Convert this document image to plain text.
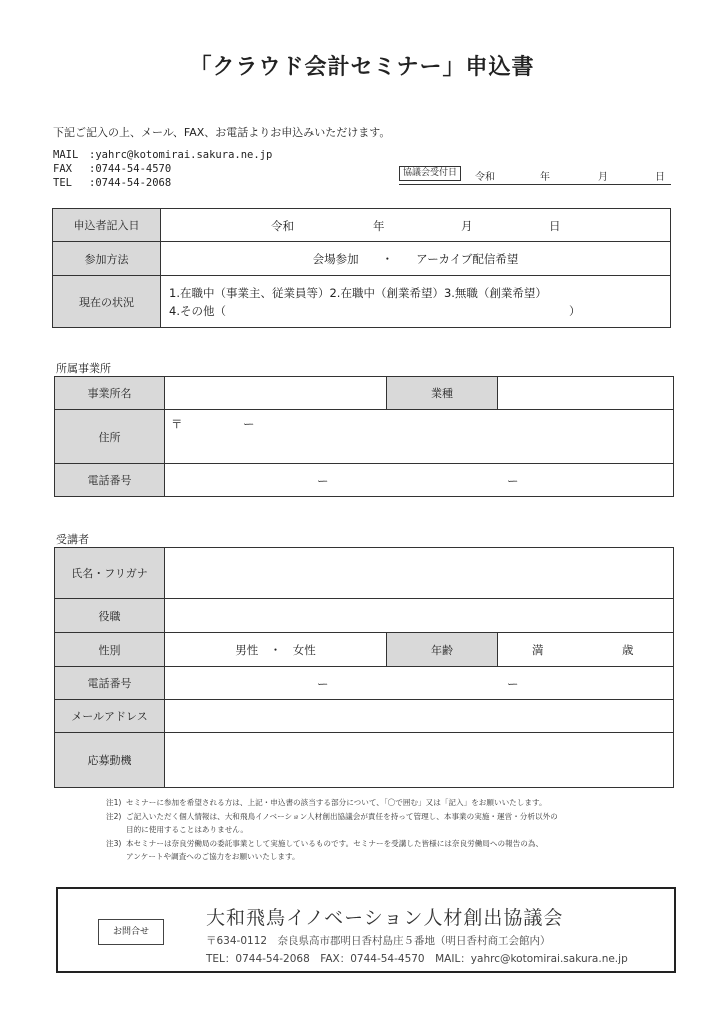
「クラウド会計セミナー」申込書
下記ご記入の上、メール、FAX、お電話よりお申込みいただけます。
MAIL	:yahrc@kotomirai.sakura.ne.jp
FAX	:0744-54-4570
TEL	:0744-54-2068
協議会受付日	令和	年	月	日
申込者記入日	令和 年 月 日

参加方法	会場参加　　・　　アーカイブ配信希望
現在の状況	1.在職中（事業主、従業員等）2.在職中（創業希望）3.無職（創業希望）
4.その他（ ）
所属事業所
事業所名		業種	
住所	〒 ー		

電話番号	ー ー		
受講者
氏名・フリガナ			
役職			
性別	男性　・　女性	年齢	満 歳

電話番号	ー ー		

メールアドレス			
応募動機			
注1) セミナーに参加を希望される方は、上記・申込書の該当する部分について、「〇で囲む」又は「記入」をお願いいたします。
注2) ご記入いただく個人情報は、大和飛鳥イノベーション人材創出協議会が責任を持って管理し、本事業の実施・運営・分析以外の
目的に使用することはありません。
注3) 本セミナーは奈良労働局の委託事業として実施しているものです。セミナーを受講した皆様には奈良労働局への報告の為、
アンケートや調査へのご協力をお願いいたします。
お問合せ
大和飛鳥イノベーション人材創出協議会
〒634-0112　奈良県高市郡明日香村島庄５番地（明日香村商工会館内）
TEL：0744-54-2068　FAX：0744-54-4570　MAIL：yahrc@kotomirai.sakura.ne.jp
